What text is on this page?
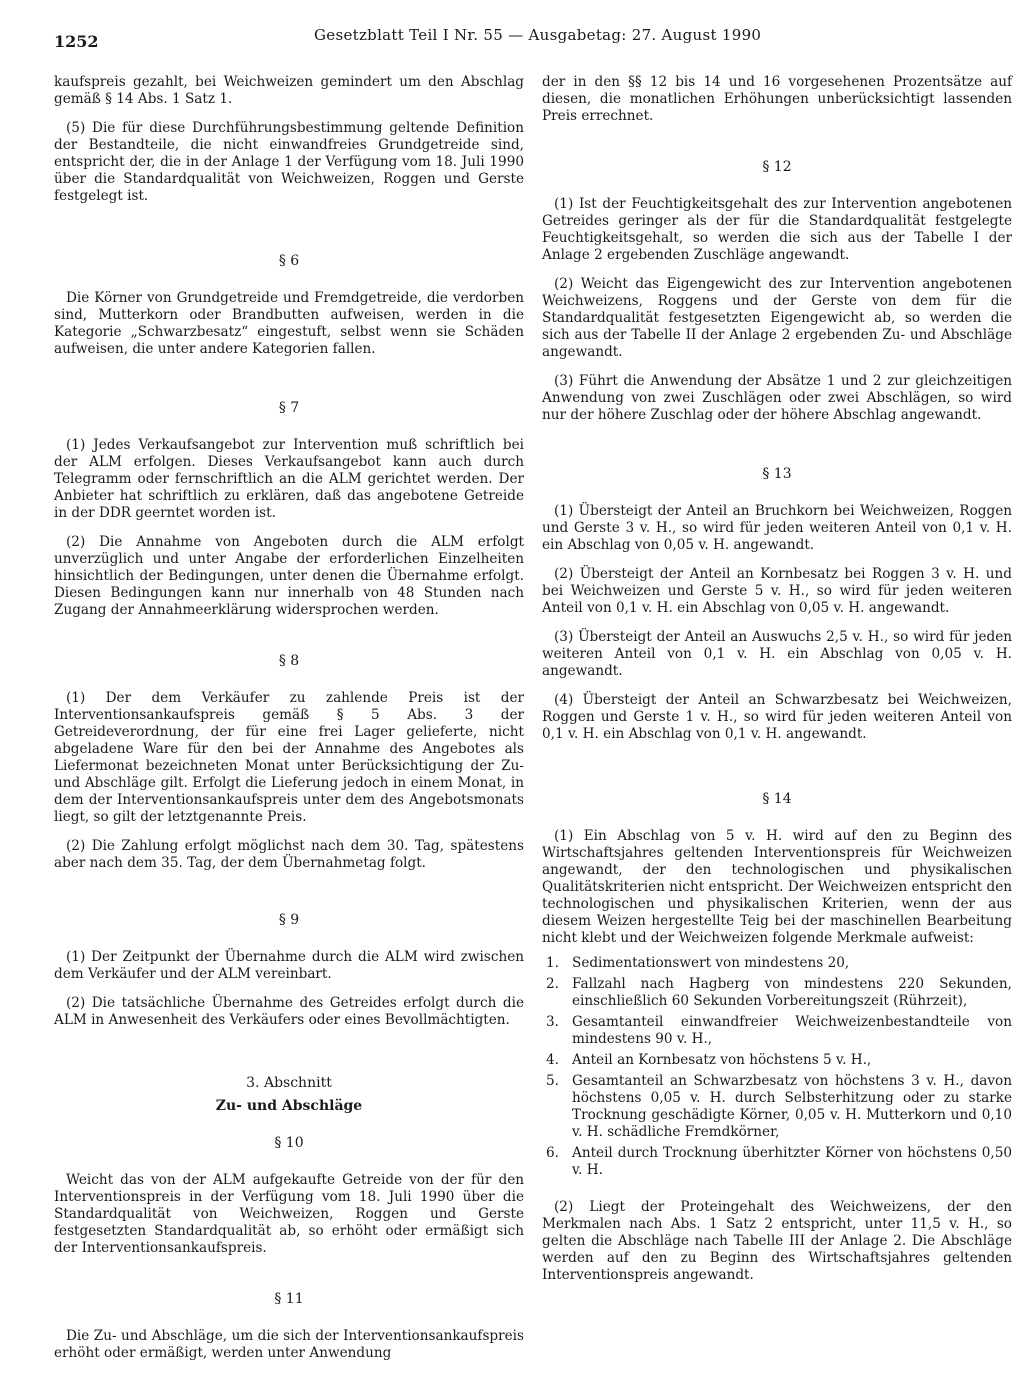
1252	Gesetzblatt Teil I Nr. 55 — Ausgabetag: 27. August 1990

kaufspreis gezahlt, bei Weichweizen gemindert um den Abschlag gemäß § 14 Abs. 1 Satz 1.

(5) Die für diese Durchführungsbestimmung geltende Definition der Bestandteile, die nicht einwandfreies Grundgetreide sind, entspricht der, die in der Anlage 1 der Verfügung vom 18. Juli 1990 über die Standardqualität von Weichweizen, Roggen und Gerste festgelegt ist.

§ 6

Die Körner von Grundgetreide und Fremdgetreide, die verdorben sind, Mutterkorn oder Brandbutten aufweisen, werden in die Kategorie „Schwarzbesatz“ eingestuft, selbst wenn sie Schäden aufweisen, die unter andere Kategorien fallen.

§ 7

(1) Jedes Verkaufsangebot zur Intervention muß schriftlich bei der ALM erfolgen. Dieses Verkaufsangebot kann auch durch Telegramm oder fernschriftlich an die ALM gerichtet werden. Der Anbieter hat schriftlich zu erklären, daß das angebotene Getreide in der DDR geerntet worden ist.

(2) Die Annahme von Angeboten durch die ALM erfolgt unverzüglich und unter Angabe der erforderlichen Einzelheiten hinsichtlich der Bedingungen, unter denen die Übernahme erfolgt. Diesen Bedingungen kann nur innerhalb von 48 Stunden nach Zugang der Annahmeerklärung widersprochen werden.

§ 8

(1) Der dem Verkäufer zu zahlende Preis ist der Interventionsankaufspreis gemäß § 5 Abs. 3 der Getreideverordnung, der für eine frei Lager gelieferte, nicht abgeladene Ware für den bei der Annahme des Angebotes als Liefermonat bezeichneten Monat unter Berücksichtigung der Zu- und Abschläge gilt. Erfolgt die Lieferung jedoch in einem Monat, in dem der Interventionsankaufspreis unter dem des Angebotsmonats liegt, so gilt der letztgenannte Preis.

(2) Die Zahlung erfolgt möglichst nach dem 30. Tag, spätestens aber nach dem 35. Tag, der dem Übernahmetag folgt.

§ 9

(1) Der Zeitpunkt der Übernahme durch die ALM wird zwischen dem Verkäufer und der ALM vereinbart.

(2) Die tatsächliche Übernahme des Getreides erfolgt durch die ALM in Anwesenheit des Verkäufers oder eines Bevollmächtigten.

3. Abschnitt
Zu- und Abschläge
§ 10

Weicht das von der ALM aufgekaufte Getreide von der für den Interventionspreis in der Verfügung vom 18. Juli 1990 über die Standardqualität von Weichweizen, Roggen und Gerste festgesetzten Standardqualität ab, so erhöht oder ermäßigt sich der Interventionsankaufspreis.

§ 11

Die Zu- und Abschläge, um die sich der Interventionsankaufspreis erhöht oder ermäßigt, werden unter Anwendung

der in den §§ 12 bis 14 und 16 vorgesehenen Prozentsätze auf diesen, die monatlichen Erhöhungen unberücksichtigt lassenden Preis errechnet.

§ 12

(1) Ist der Feuchtigkeitsgehalt des zur Intervention angebotenen Getreides geringer als der für die Standardqualität festgelegte Feuchtigkeitsgehalt, so werden die sich aus der Tabelle I der Anlage 2 ergebenden Zuschläge angewandt.

(2) Weicht das Eigengewicht des zur Intervention angebotenen Weichweizens, Roggens und der Gerste von dem für die Standardqualität festgesetzten Eigengewicht ab, so werden die sich aus der Tabelle II der Anlage 2 ergebenden Zu- und Abschläge angewandt.

(3) Führt die Anwendung der Absätze 1 und 2 zur gleichzeitigen Anwendung von zwei Zuschlägen oder zwei Abschlägen, so wird nur der höhere Zuschlag oder der höhere Abschlag angewandt.

§ 13

(1) Übersteigt der Anteil an Bruchkorn bei Weichweizen, Roggen und Gerste 3 v. H., so wird für jeden weiteren Anteil von 0,1 v. H. ein Abschlag von 0,05 v. H. angewandt.

(2) Übersteigt der Anteil an Kornbesatz bei Roggen 3 v. H. und bei Weichweizen und Gerste 5 v. H., so wird für jeden weiteren Anteil von 0,1 v. H. ein Abschlag von 0,05 v. H. angewandt.

(3) Übersteigt der Anteil an Auswuchs 2,5 v. H., so wird für jeden weiteren Anteil von 0,1 v. H. ein Abschlag von 0,05 v. H. angewandt.

(4) Übersteigt der Anteil an Schwarzbesatz bei Weichweizen, Roggen und Gerste 1 v. H., so wird für jeden weiteren Anteil von 0,1 v. H. ein Abschlag von 0,1 v. H. angewandt.

§ 14

(1) Ein Abschlag von 5 v. H. wird auf den zu Beginn des Wirtschaftsjahres geltenden Interventionspreis für Weichweizen angewandt, der den technologischen und physikalischen Qualitätskriterien nicht entspricht. Der Weichweizen entspricht den technologischen und physikalischen Kriterien, wenn der aus diesem Weizen hergestellte Teig bei der maschinellen Bearbeitung nicht klebt und der Weichweizen folgende Merkmale aufweist:

1. Sedimentationswert von mindestens 20,
2. Fallzahl nach Hagberg von mindestens 220 Sekunden, einschließlich 60 Sekunden Vorbereitungszeit (Rührzeit),
3. Gesamtanteil einwandfreier Weichweizenbestandteile von mindestens 90 v. H.,
4. Anteil an Kornbesatz von höchstens 5 v. H.,
5. Gesamtanteil an Schwarzbesatz von höchstens 3 v. H., davon höchstens 0,05 v. H. durch Selbsterhitzung oder zu starke Trocknung geschädigte Körner, 0,05 v. H. Mutterkorn und 0,10 v. H. schädliche Fremdkörner,
6. Anteil durch Trocknung überhitzter Körner von höchstens 0,50 v. H.

(2) Liegt der Proteingehalt des Weichweizens, der den Merkmalen nach Abs. 1 Satz 2 entspricht, unter 11,5 v. H., so gelten die Abschläge nach Tabelle III der Anlage 2. Die Abschläge werden auf den zu Beginn des Wirtschaftsjahres geltenden Interventionspreis angewandt.
